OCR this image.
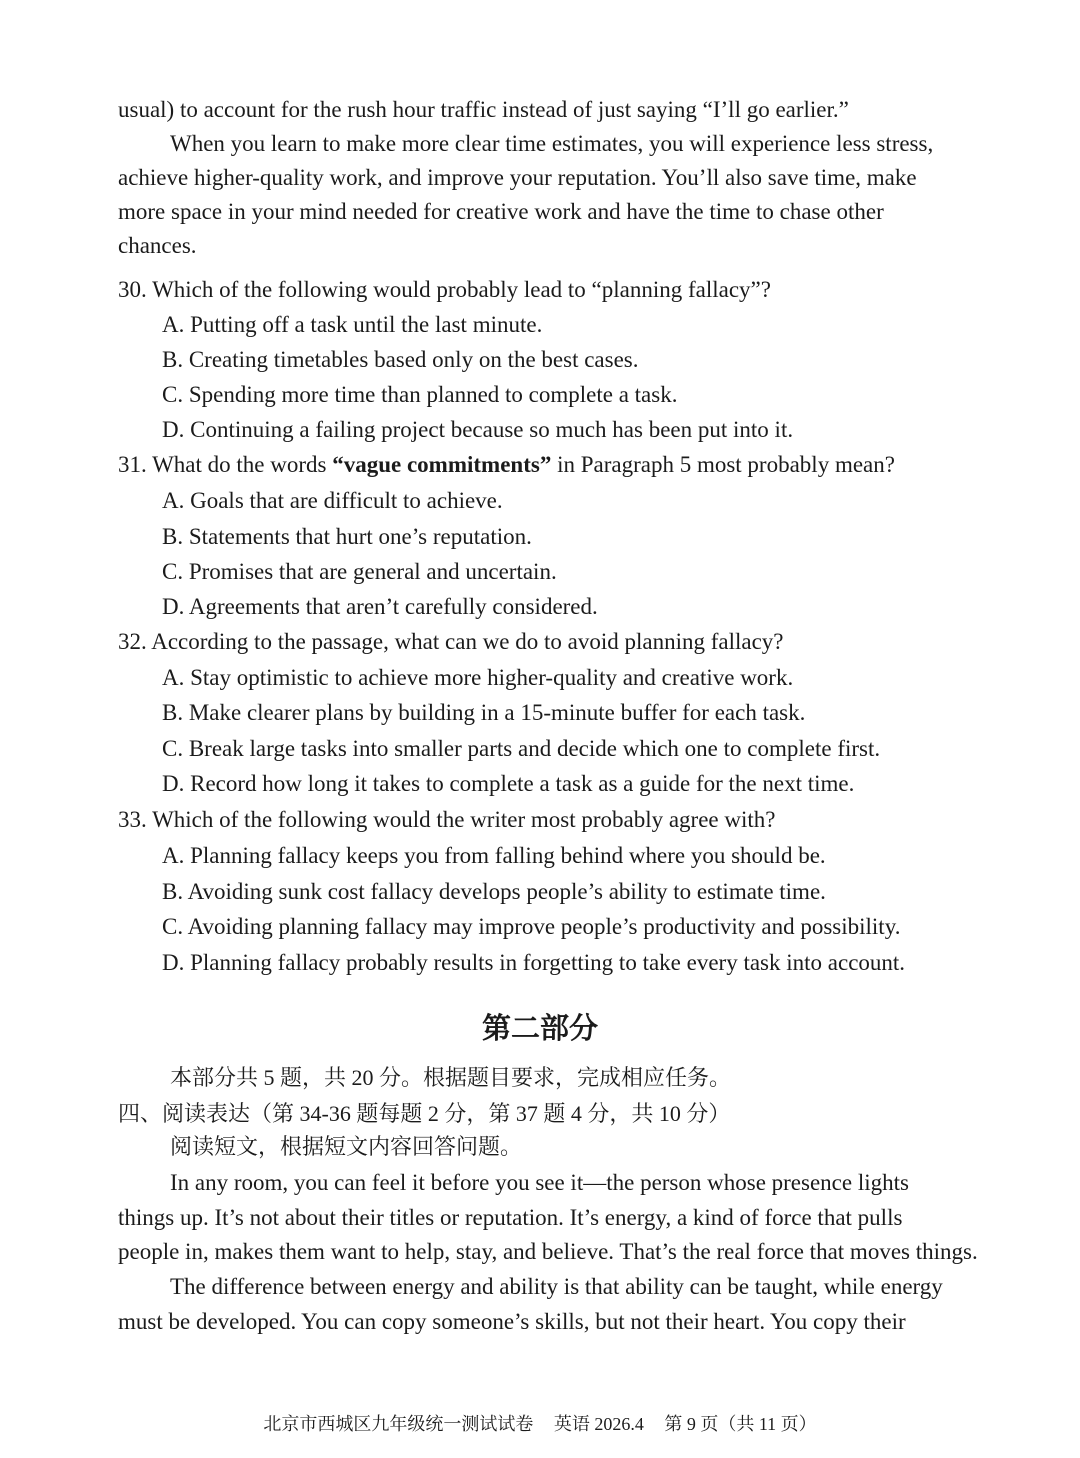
usual) to account for the rush hour traffic instead of just saying “I’ll go earlier.”
When you learn to make more clear time estimates, you will experience less stress,
achieve higher-quality work, and improve your reputation. You’ll also save time, make
more space in your mind needed for creative work and have the time to chase other
chances.
30. Which of the following would probably lead to “planning fallacy”?
A. Putting off a task until the last minute.
B. Creating timetables based only on the best cases.
C. Spending more time than planned to complete a task.
D. Continuing a failing project because so much has been put into it.
31. What do the words “vague commitments” in Paragraph 5 most probably mean?
A. Goals that are difficult to achieve.
B. Statements that hurt one’s reputation.
C. Promises that are general and uncertain.
D. Agreements that aren’t carefully considered.
32. According to the passage, what can we do to avoid planning fallacy?
A. Stay optimistic to achieve more higher-quality and creative work.
B. Make clearer plans by building in a 15-minute buffer for each task.
C. Break large tasks into smaller parts and decide which one to complete first.
D. Record how long it takes to complete a task as a guide for the next time.
33. Which of the following would the writer most probably agree with?
A. Planning fallacy keeps you from falling behind where you should be.
B. Avoiding sunk cost fallacy develops people’s ability to estimate time.
C. Avoiding planning fallacy may improve people’s productivity and possibility.
D. Planning fallacy probably results in forgetting to take every task into account.
第二部分
本部分共 5 题，共 20 分。根据题目要求，完成相应任务。
四、阅读表达（第 34-36 题每题 2 分，第 37 题 4 分，共 10 分）
阅读短文，根据短文内容回答问题。
In any room, you can feel it before you see it—the person whose presence lights
things up. It’s not about their titles or reputation. It’s energy, a kind of force that pulls
people in, makes them want to help, stay, and believe. That’s the real force that moves things.
The difference between energy and ability is that ability can be taught, while energy
must be developed. You can copy someone’s skills, but not their heart. You copy their
北京市西城区九年级统一测试试卷 英语 2026.4 第 9 页（共 11 页）
